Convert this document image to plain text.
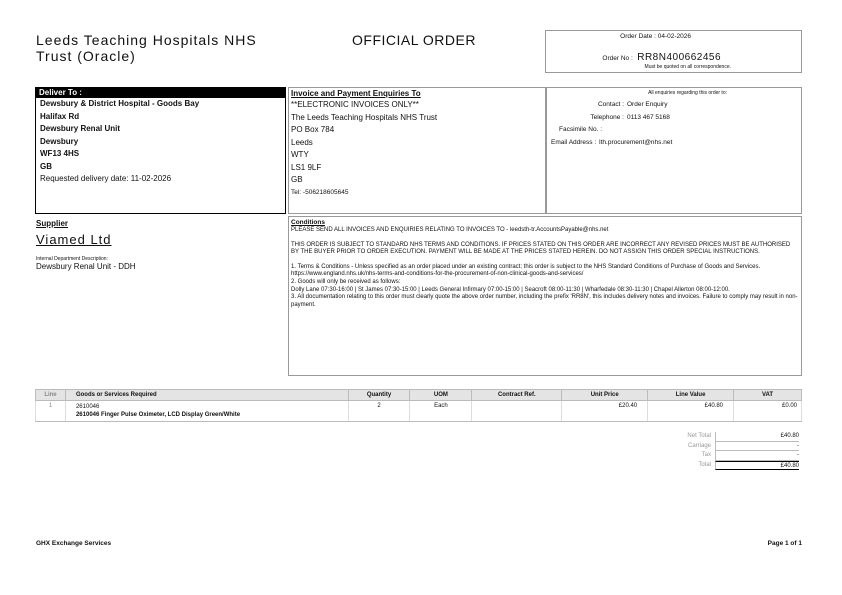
Leeds Teaching Hospitals NHS
Trust (Oracle)
OFFICIAL ORDER	Order Date : 04-02-2026
Order No : RR8N400662456
Must be quoted on all correspondence.
Deliver To :
Dewsbury & District Hospital - Goods Bay
Halifax Rd
Dewsbury Renal Unit
Dewsbury
WF13 4HS
GB
Requested delivery date: 11-02-2026
Invoice and Payment Enquiries To
**ELECTRONIC INVOICES ONLY**
The Leeds Teaching Hospitals NHS Trust
PO Box 784
Leeds
WTY
LS1 9LF
GB
Tel: -506218605645
All enquiries regarding this order to:
Contact : Order Enquiry
Telephone : 0113 467 5168
Facsimile No. :
Email Address : lth.procurement@nhs.net
Supplier
Viamed Ltd
Internal Department Description:
Dewsbury Renal Unit - DDH
Conditions
PLEASE SEND ALL INVOICES AND ENQUIRIES RELATING TO INVOICES TO - leedsth-tr.AccountsPayable@nhs.net
THIS ORDER IS SUBJECT TO STANDARD NHS TERMS AND CONDITIONS. IF PRICES STATED ON THIS ORDER ARE INCORRECT ANY REVISED PRICES MUST BE AUTHORISED BY THE BUYER PRIOR TO ORDER EXECUTION. PAYMENT WILL BE MADE AT THE PRICES STATED HEREIN. DO NOT ASSIGN THIS ORDER SPECIAL INSTRUCTIONS.
1. Terms & Conditions - Unless specified as an order placed under an existing contract; this order is subject to the NHS Standard Conditions of Purchase of Goods and Services.
https://www.england.nhs.uk/nhs-terms-and-conditions-for-the-procurement-of-non-clinical-goods-and-services/
2. Goods will only be received as follows:
Dolly Lane 07:30-16:00 | St James 07:30-15:00 | Leeds General Infirmary 07:00-15:00 | Seacroft 08:00-11:30 | Wharfedale 08:30-11:30 | Chapel Allerton 08:00-12:00.
3. All documentation relating to this order must clearly quote the above order number, including the prefix 'RR8N', this includes delivery notes and invoices. Failure to comply may result in non-payment.
Line	Goods or Services Required	Quantity	UOM	Contract Ref.	Unit Price	Line Value	VAT
1	2610046
2610046 Finger Pulse Oximeter, LCD Display Green/White	2	Each		£20.40	£40.80	£0.00
Net Total	£40.80
Carriage	-
Tax	-
Total	£40.80
GHX Exchange Services	Page 1 of 1
